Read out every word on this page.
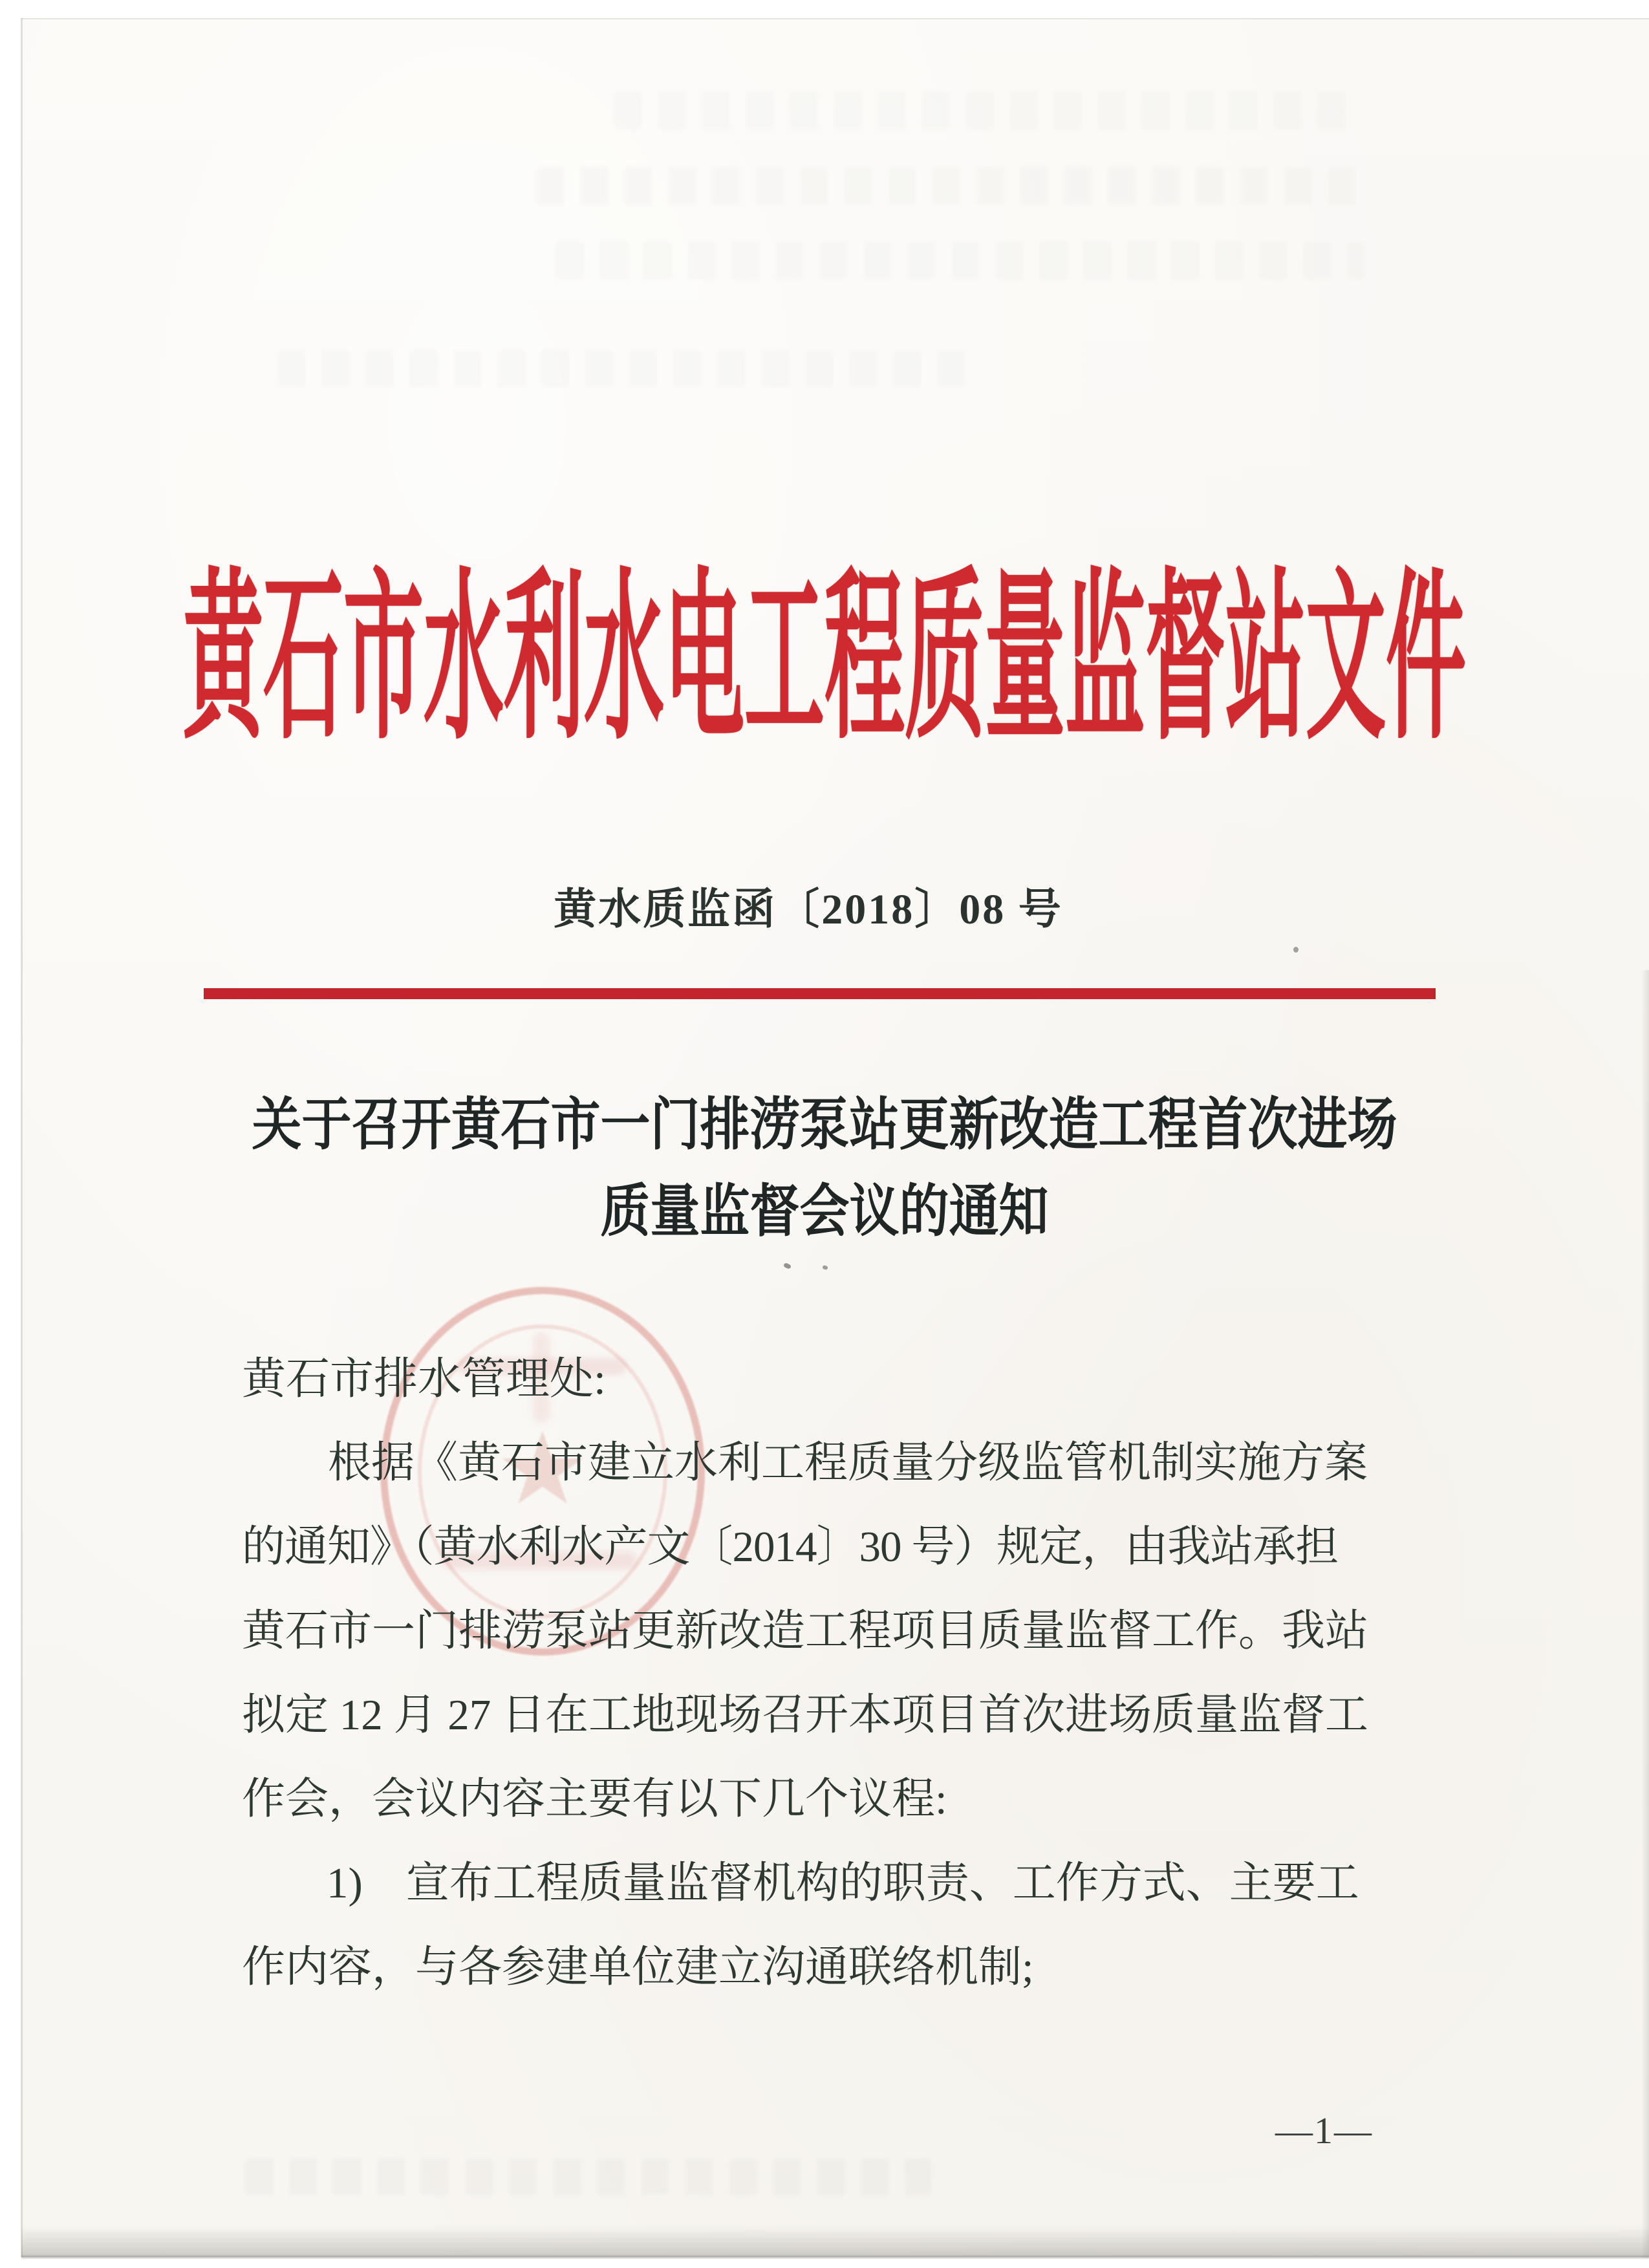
黄石市水利水电工程质量监督站文件
黄水质监函〔2018〕08 号
关于召开黄石市一门排涝泵站更新改造工程首次进场
质量监督会议的通知
黄石市排水管理处:
根据《黄石市建立水利工程质量分级监管机制实施方案
的通知》（黄水利水产文〔2014〕30 号）规定，由我站承担
黄石市一门排涝泵站更新改造工程项目质量监督工作。我站
拟定 12 月 27 日在工地现场召开本项目首次进场质量监督工
作会，会议内容主要有以下几个议程:
1)　宣布工程质量监督机构的职责、工作方式、主要工
作内容，与各参建单位建立沟通联络机制;
—1—
